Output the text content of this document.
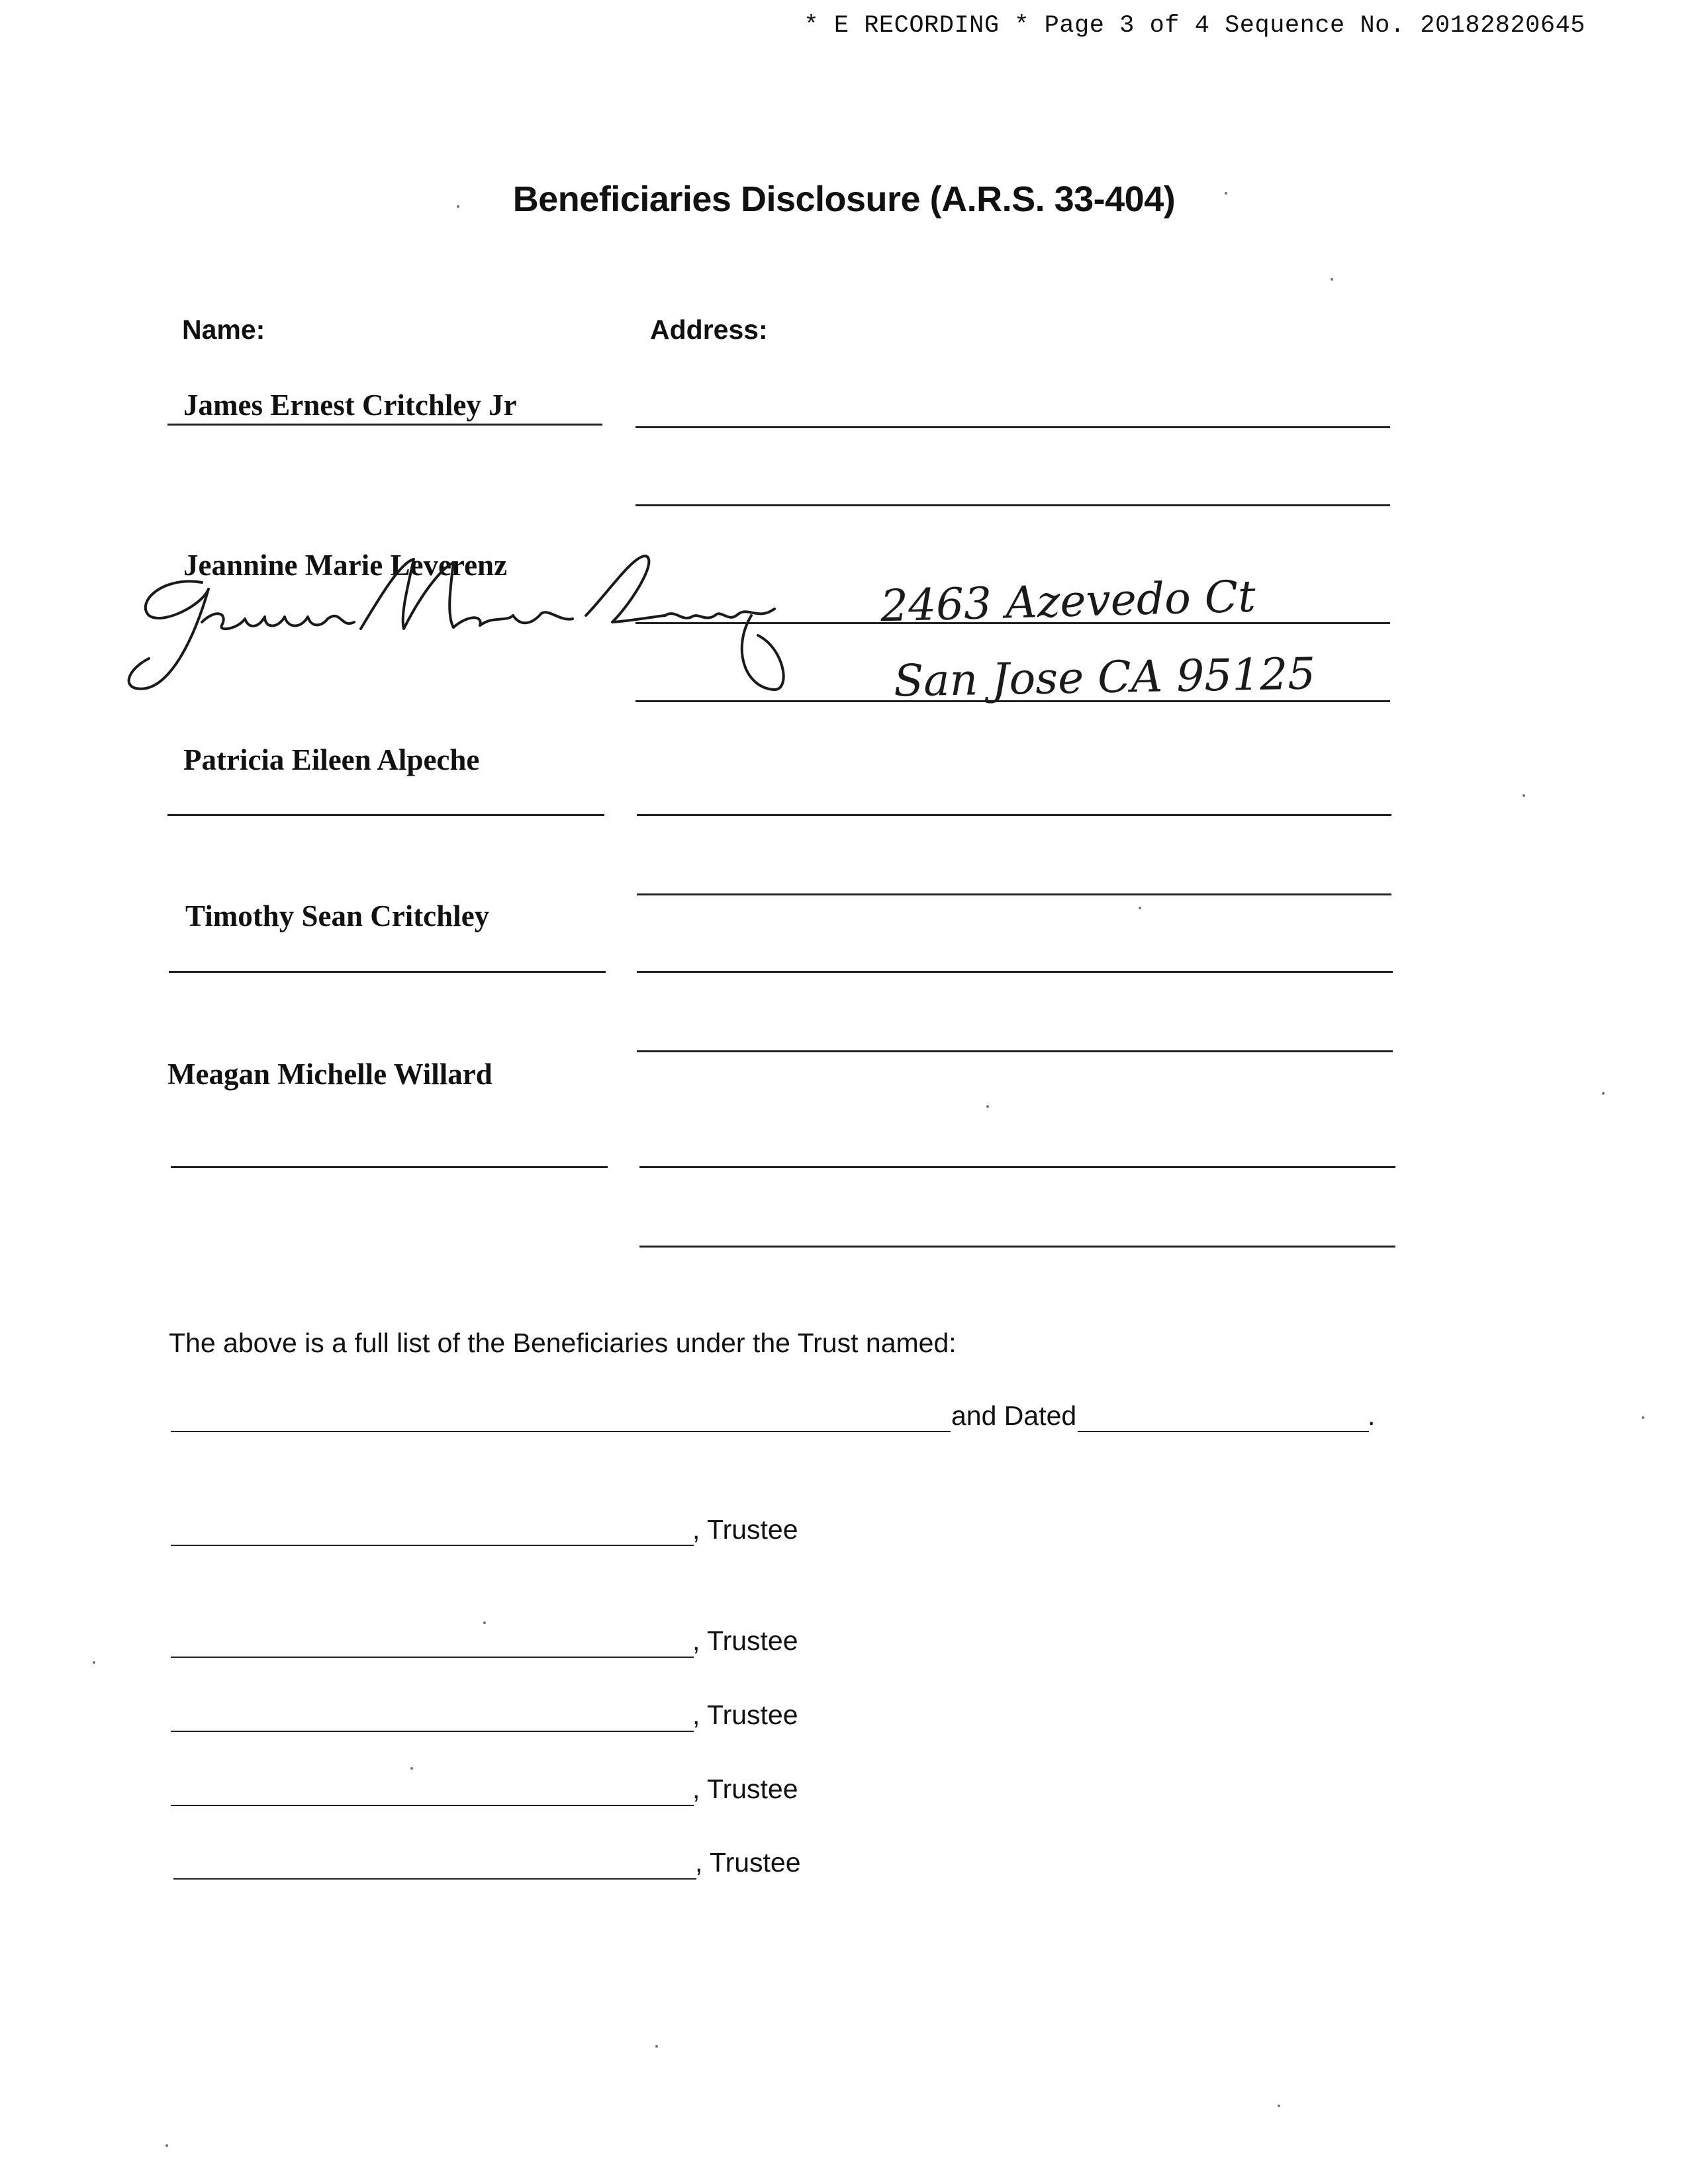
* E RECORDING * Page 3 of 4 Sequence No. 20182820645
Beneficiaries Disclosure (A.R.S. 33-404)
Name:	Address:
James Ernest Critchley Jr
Jeannine Marie Leverenz
2463 Azevedo Ct
San Jose CA 95125
Patricia Eileen Alpeche
Timothy Sean Critchley
Meagan Michelle Willard
The above is a full list of the Beneficiaries under the Trust named:
and Dated	.
, Trustee
, Trustee
, Trustee
, Trustee
, Trustee
